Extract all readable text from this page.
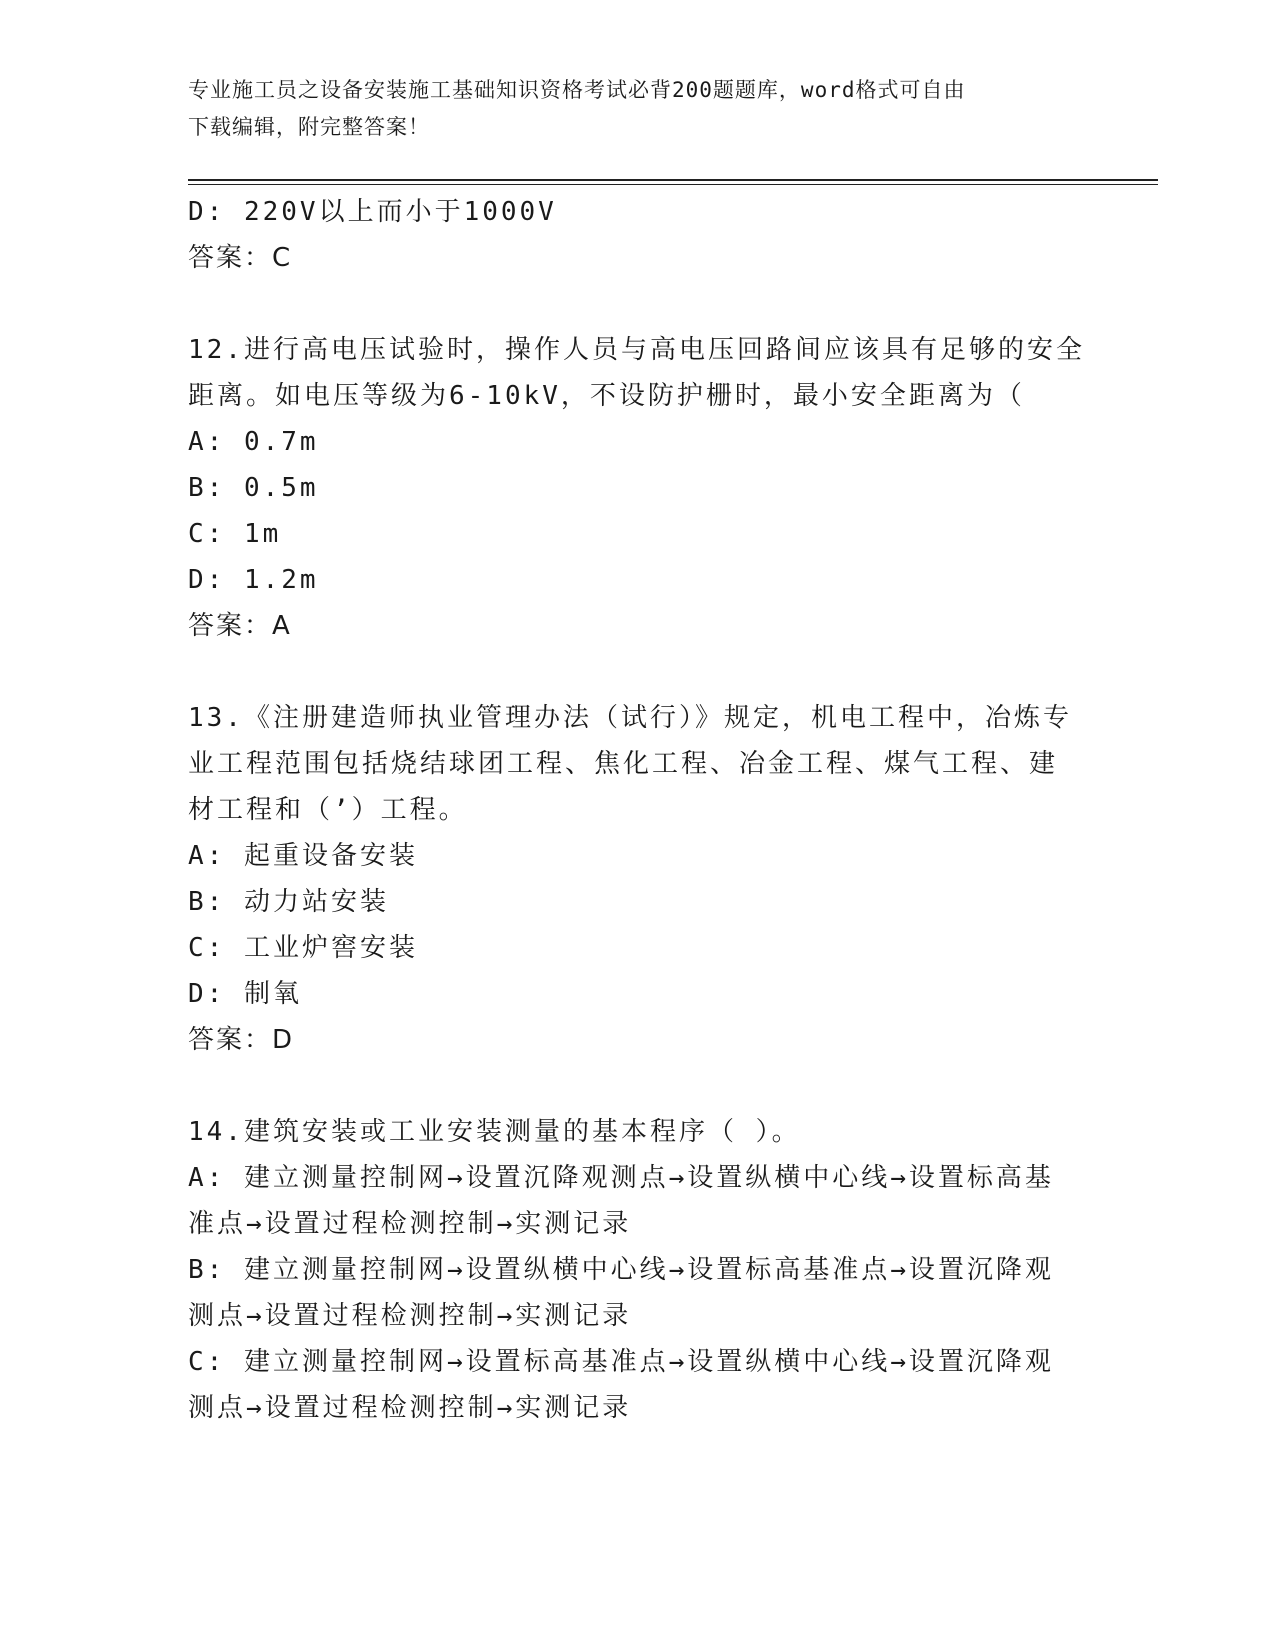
专业施工员之设备安装施工基础知识资格考试必背200题题库，word格式可自由
下载编辑，附完整答案！
D: 220V以上而小于1000V
答案：C
12.进行高电压试验时，操作人员与高电压回路间应该具有足够的安全
距离。如电压等级为6-10kV，不设防护栅时，最小安全距离为（
A: 0.7m
B: 0.5m
C: 1m
D: 1.2m
答案：A
13.《注册建造师执业管理办法（试行）》规定，机电工程中，冶炼专
业工程范围包括烧结球团工程、焦化工程、冶金工程、煤气工程、建
材工程和（’）工程。
A: 起重设备安装
B: 动力站安装
C: 工业炉窖安装
D: 制氧
答案：D
14.建筑安装或工业安装测量的基本程序（ ）。
A: 建立测量控制网→设置沉降观测点→设置纵横中心线→设置标高基
准点→设置过程检测控制→实测记录
B: 建立测量控制网→设置纵横中心线→设置标高基准点→设置沉降观
测点→设置过程检测控制→实测记录
C: 建立测量控制网→设置标高基准点→设置纵横中心线→设置沉降观
测点→设置过程检测控制→实测记录
